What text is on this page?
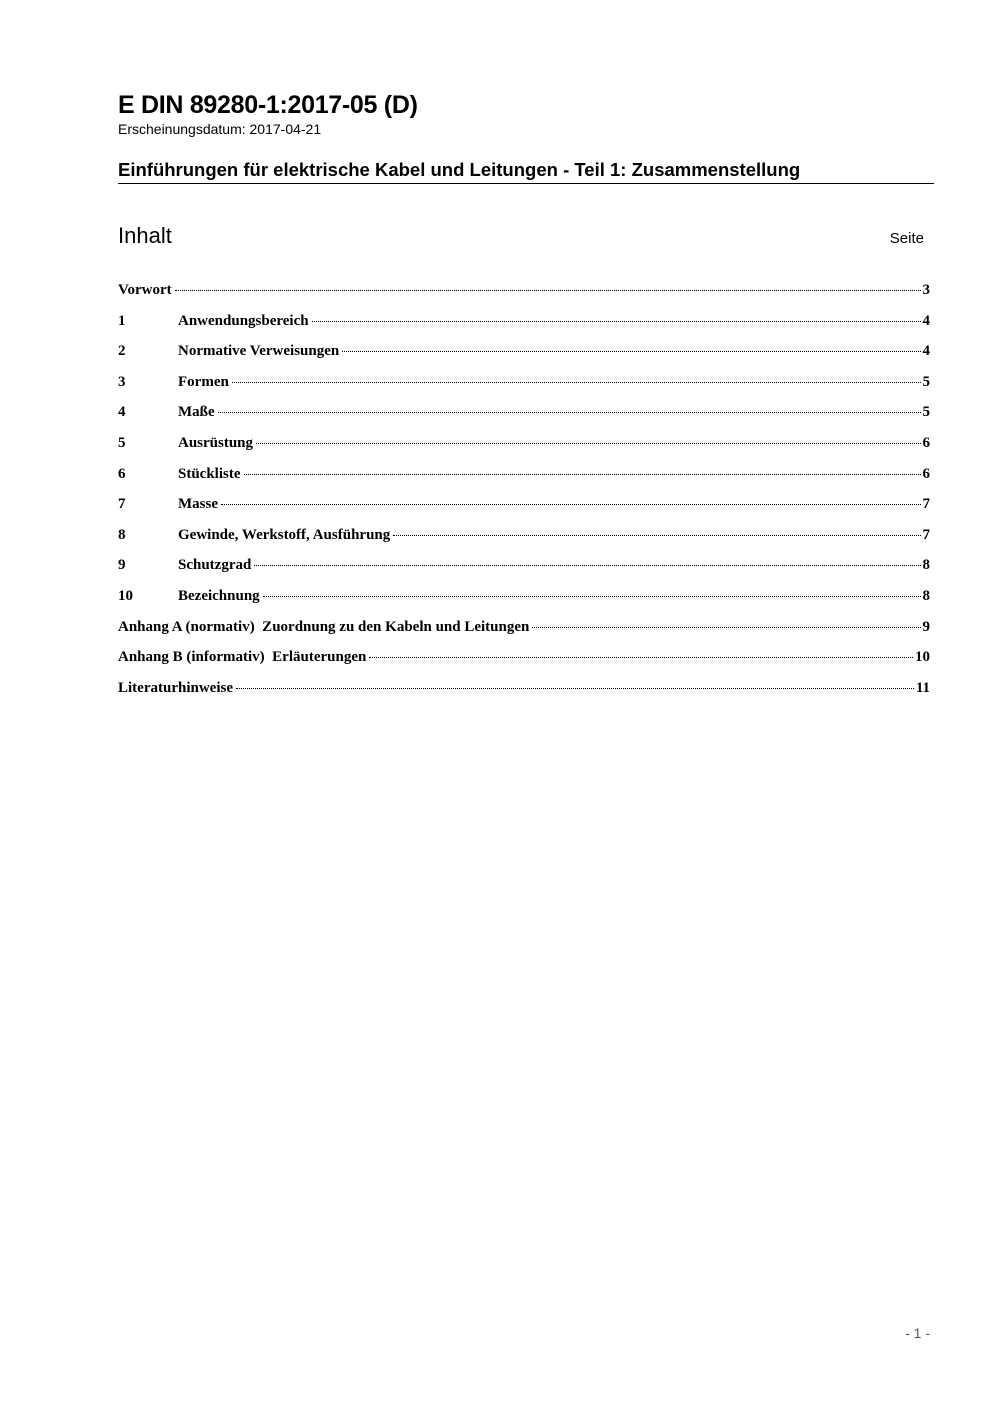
E DIN 89280-1:2017-05 (D)
Erscheinungsdatum: 2017-04-21
Einführungen für elektrische Kabel und Leitungen - Teil 1: Zusammenstellung
Inhalt	Seite
Vorwort	3
1	Anwendungsbereich	4
2	Normative Verweisungen	4
3	Formen	5
4	Maße	5
5	Ausrüstung	6
6	Stückliste	6
7	Masse	7
8	Gewinde, Werkstoff, Ausführung	7
9	Schutzgrad	8
10	Bezeichnung	8
Anhang A (normativ)  Zuordnung zu den Kabeln und Leitungen	9
Anhang B (informativ)  Erläuterungen	10
Literaturhinweise	11
- 1 -
